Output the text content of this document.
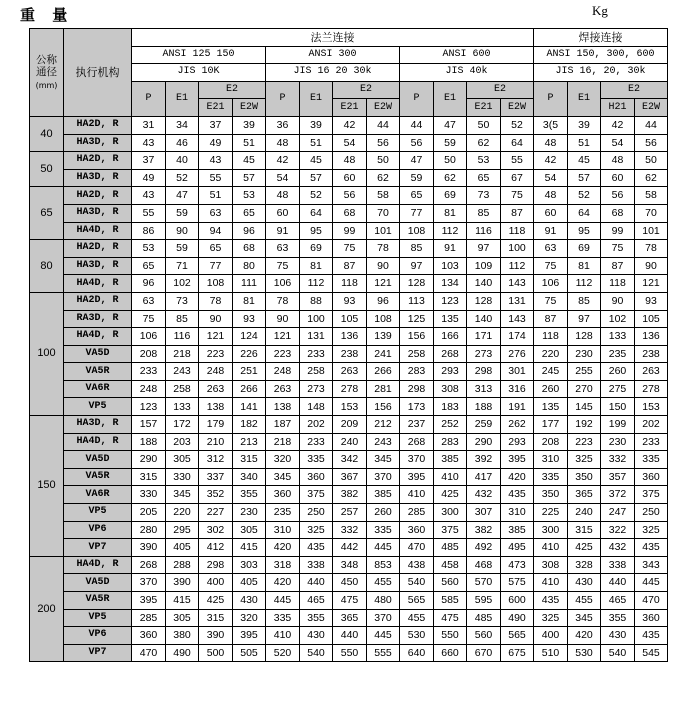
重 量	Kg
公称
通径
(mm)	执行机构	法兰连接												焊接连接			
		ANSI 125 150				ANSI 300				ANSI 600				ANSI 150, 300, 600			
		JIS 10K				JIS 16 20 30k				JIS 40k				JIS 16, 20, 30k			
		P	E1	E2		P	E1	E2		P	E1	E2		P	E1	E2	
				E21	E2W			E21	E2W			E21	E2W			H21	E2W
40	HA2D, R	31	34	37	39	36	39	42	44	44	47	50	52	3(5	39	42	44
	HA3D, R	43	46	49	51	48	51	54	56	56	59	62	64	48	51	54	56
50	HA2D, R	37	40	43	45	42	45	48	50	47	50	53	55	42	45	48	50
	HA3D, R	49	52	55	57	54	57	60	62	59	62	65	67	54	57	60	62
65	HA2D, R	43	47	51	53	48	52	56	58	65	69	73	75	48	52	56	58
	HA3D, R	55	59	63	65	60	64	68	70	77	81	85	87	60	64	68	70
	HA4D, R	86	90	94	96	91	95	99	101	108	112	116	118	91	95	99	101
80	HA2D, R	53	59	65	68	63	69	75	78	85	91	97	100	63	69	75	78
	HA3D, R	65	71	77	80	75	81	87	90	97	103	109	112	75	81	87	90
	HA4D, R	96	102	108	111	106	112	118	121	128	134	140	143	106	112	118	121
100	HA2D, R	63	73	78	81	78	88	93	96	113	123	128	131	75	85	90	93
	RA3D, R	75	85	90	93	90	100	105	108	125	135	140	143	87	97	102	105
	HA4D, R	106	116	121	124	121	131	136	139	156	166	171	174	118	128	133	136
	VA5D	208	218	223	226	223	233	238	241	258	268	273	276	220	230	235	238
	VA5R	233	243	248	251	248	258	263	266	283	293	298	301	245	255	260	263
	VA6R	248	258	263	266	263	273	278	281	298	308	313	316	260	270	275	278
	VP5	123	133	138	141	138	148	153	156	173	183	188	191	135	145	150	153
150	HA3D, R	157	172	179	182	187	202	209	212	237	252	259	262	177	192	199	202
	HA4D, R	188	203	210	213	218	233	240	243	268	283	290	293	208	223	230	233
	VA5D	290	305	312	315	320	335	342	345	370	385	392	395	310	325	332	335
	VA5R	315	330	337	340	345	360	367	370	395	410	417	420	335	350	357	360
	VA6R	330	345	352	355	360	375	382	385	410	425	432	435	350	365	372	375
	VP5	205	220	227	230	235	250	257	260	285	300	307	310	225	240	247	250
	VP6	280	295	302	305	310	325	332	335	360	375	382	385	300	315	322	325
	VP7	390	405	412	415	420	435	442	445	470	485	492	495	410	425	432	435
200	HA4D, R	268	288	298	303	318	338	348	853	438	458	468	473	308	328	338	343
	VA5D	370	390	400	405	420	440	450	455	540	560	570	575	410	430	440	445
	VA5R	395	415	425	430	445	465	475	480	565	585	595	600	435	455	465	470
	VP5	285	305	315	320	335	355	365	370	455	475	485	490	325	345	355	360
	VP6	360	380	390	395	410	430	440	445	530	550	560	565	400	420	430	435
	VP7	470	490	500	505	520	540	550	555	640	660	670	675	510	530	540	545
